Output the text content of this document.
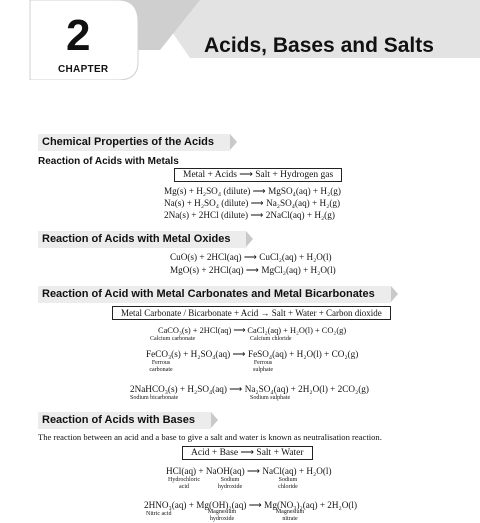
2
CHAPTER
Acids, Bases and Salts
Chemical Properties of the Acids
Reaction of Acids with Metals
Metal + Acids ⟶ Salt + Hydrogen gas
Mg(s) + H₂SO₄ (dilute) ⟶ MgSO₄(aq) + H₂(g)
Na(s) + H₂SO₄ (dilute) ⟶ Na₂SO₄(aq) + H₂(g)
2Na(s) + 2HCl (dilute) ⟶ 2NaCl(aq) + H₂(g)
Reaction of Acids with Metal Oxides
CuO(s) + 2HCl(aq) ⟶ CuCl₂(aq) + H₂O(l)
MgO(s) + 2HCl(aq) ⟶ MgCl₂(aq) + H₂O(l)
Reaction of Acid with Metal Carbonates and Metal Bicarbonates
Metal Carbonate / Bicarbonate + Acid → Salt + Water + Carbon dioxide
CaCO₃(s) + 2HCl(aq) ⟶ CaCl₂(aq) + H₂O(l) + CO₂(g)
Calcium carbonate	Calcium chloride
FeCO₃(s) + H₂SO₄(aq) ⟶ FeSO₄(aq) + H₂O(l) + CO₂(g)
Ferrous carbonate
Ferrous sulphate
2NaHCO₃(s) + H₂SO₄(aq) ⟶ Na₂SO₄(aq) + 2H₂O(l) + 2CO₂(g)
Sodium bicarbonate	Sodium sulphate
Reaction of Acids with Bases
The reaction between an acid and a base to give a salt and water is known as neutralisation reaction.
Acid + Base ⟶ Salt + Water
HCl(aq) + NaOH(aq) ⟶ NaCl(aq) + H₂O(l)
Hydrochloric acid
Sodium hydroxide
Sodium chloride
2HNO₃(aq) + Mg(OH)₂(aq) ⟶ Mg(NO₃)₂(aq) + 2H₂O(l)
Nitric acid	Magnesium hydroxide
Magnesium nitrate
